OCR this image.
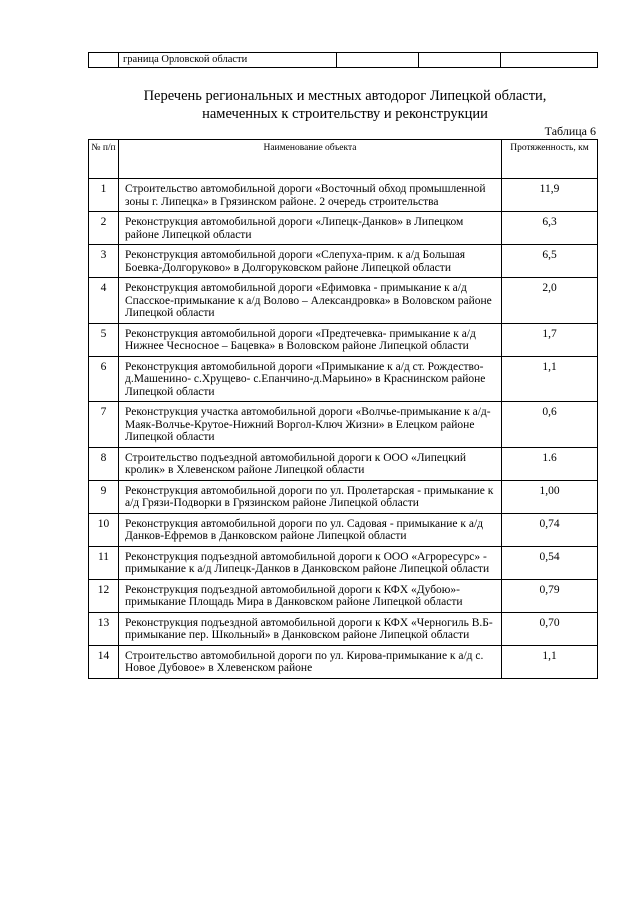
	граница Орловской области			
Перечень региональных и местных автодорог Липецкой области,
намеченных к строительству и реконструкции
Таблица 6
№ п/п	Наименование объекта	Протяженность, км
1	Строительство автомобильной дороги «Восточный обход промышленной зоны г. Липецка» в Грязинском районе. 2 очередь строительства	11,9
2	Реконструкция автомобильной дороги «Липецк-Данков» в Липецком районе Липецкой области	6,3
3	Реконструкция автомобильной дороги «Слепуха-прим. к а/д Большая Боевка-Долгоруково» в Долгоруковском районе Липецкой области	6,5
4	Реконструкция автомобильной дороги «Ефимовка - примыкание к а/д Спасское-примыкание к а/д Волово – Александровка» в Воловском районе Липецкой области	2,0
5	Реконструкция автомобильной дороги «Предтечевка- примыкание к а/д Нижнее Чесносное – Бацевка» в Воловском районе Липецкой области	1,7
6	Реконструкция автомобильной дороги «Примыкание к а/д ст. Рождество-д.Машенино- с.Хрущево- с.Епанчино-д.Марьино» в Краснинском районе Липецкой области	1,1
7	Реконструкция участка автомобильной дороги «Волчье-примыкание к а/д-Маяк-Волчье-Крутое-Нижний Воргол-Ключ Жизни» в Елецком районе Липецкой области	0,6
8	Строительство подъездной автомобильной дороги к ООО «Липецкий кролик» в Хлевенском районе Липецкой области	1.6
9	Реконструкция автомобильной дороги по ул. Пролетарская - примыкание к а/д Грязи-Подворки в Грязинском районе Липецкой области	1,00
10	Реконструкция автомобильной дороги по ул. Садовая - примыкание к а/д Данков-Ефремов в Данковском районе Липецкой области	0,74
11	Реконструкция подъездной автомобильной дороги к ООО «Агроресурс» - примыкание к а/д Липецк-Данков в Данковском районе Липецкой области	0,54
12	Реконструкция подъездной автомобильной дороги к КФХ «Дубою»-примыкание Площадь Мира в Данковском районе Липецкой области	0,79
13	Реконструкция подъездной автомобильной дороги к КФХ «Черногиль В.Б-примыкание пер. Школьный» в Данковском районе Липецкой области	0,70
14	Строительство автомобильной дороги по ул. Кирова-примыкание к а/д с. Новое Дубовое» в Хлевенском районе	1,1
